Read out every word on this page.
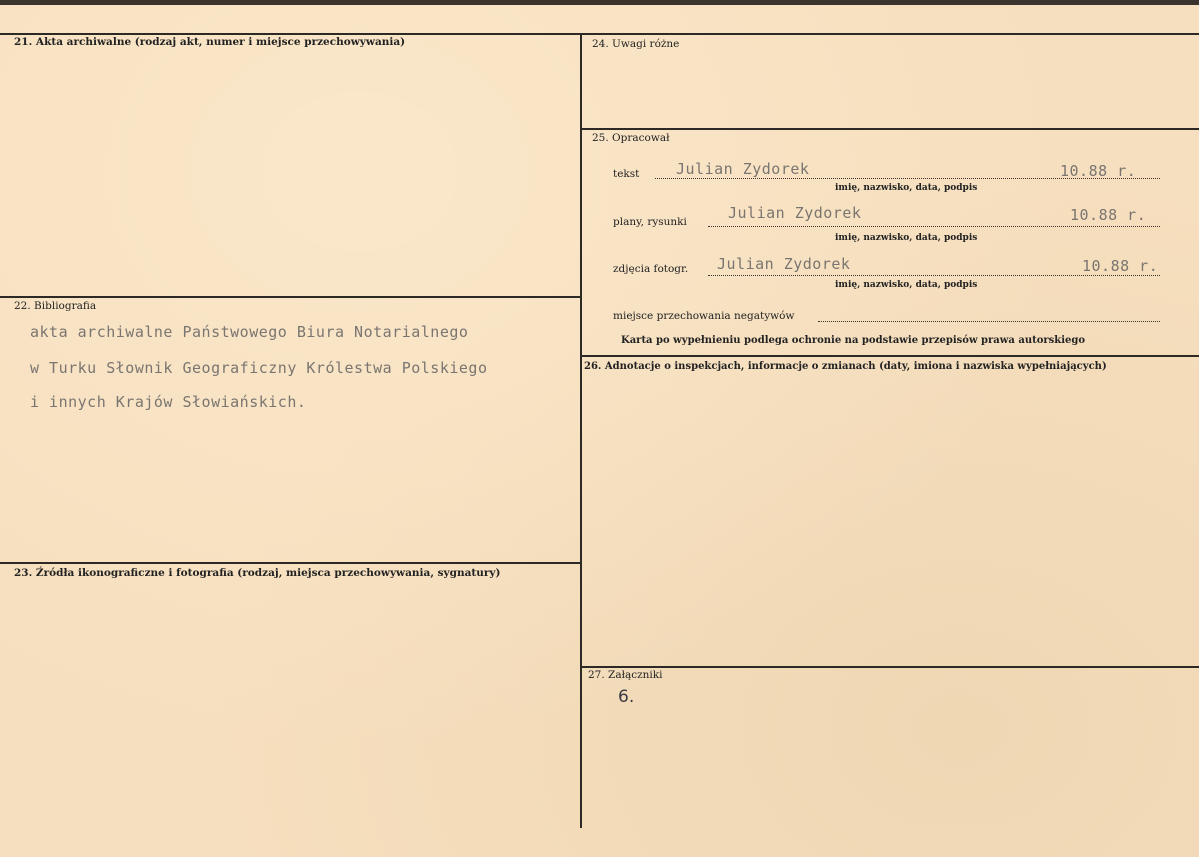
21. Akta archiwalne (rodzaj akt, numer i miejsce przechowywania)
22. Bibliografia
akta archiwalne Państwowego Biura Notarialnego
w Turku Słownik Geograficzny Królestwa Polskiego
i innych Krajów Słowiańskich.
23. Źródła ikonograficzne i fotografia (rodzaj, miejsca przechowywania, sygnatury)
24. Uwagi różne
25. Opracował
tekst Julian Zydorek	10.88 r.
imię, nazwisko, data, podpis
plany, rysunki	Julian Zydorek	10.88 r.
imię, nazwisko, data, podpis
zdjęcia fotogr. Julian Zydorek	10.88 r.
imię, nazwisko, data, podpis
miejsce przechowania negatywów
Karta po wypełnieniu podlega ochronie na podstawie przepisów prawa autorskiego
26. Adnotacje o inspekcjach, informacje o zmianach (daty, imiona i nazwiska wypełniających)
27. Załączniki
6.
